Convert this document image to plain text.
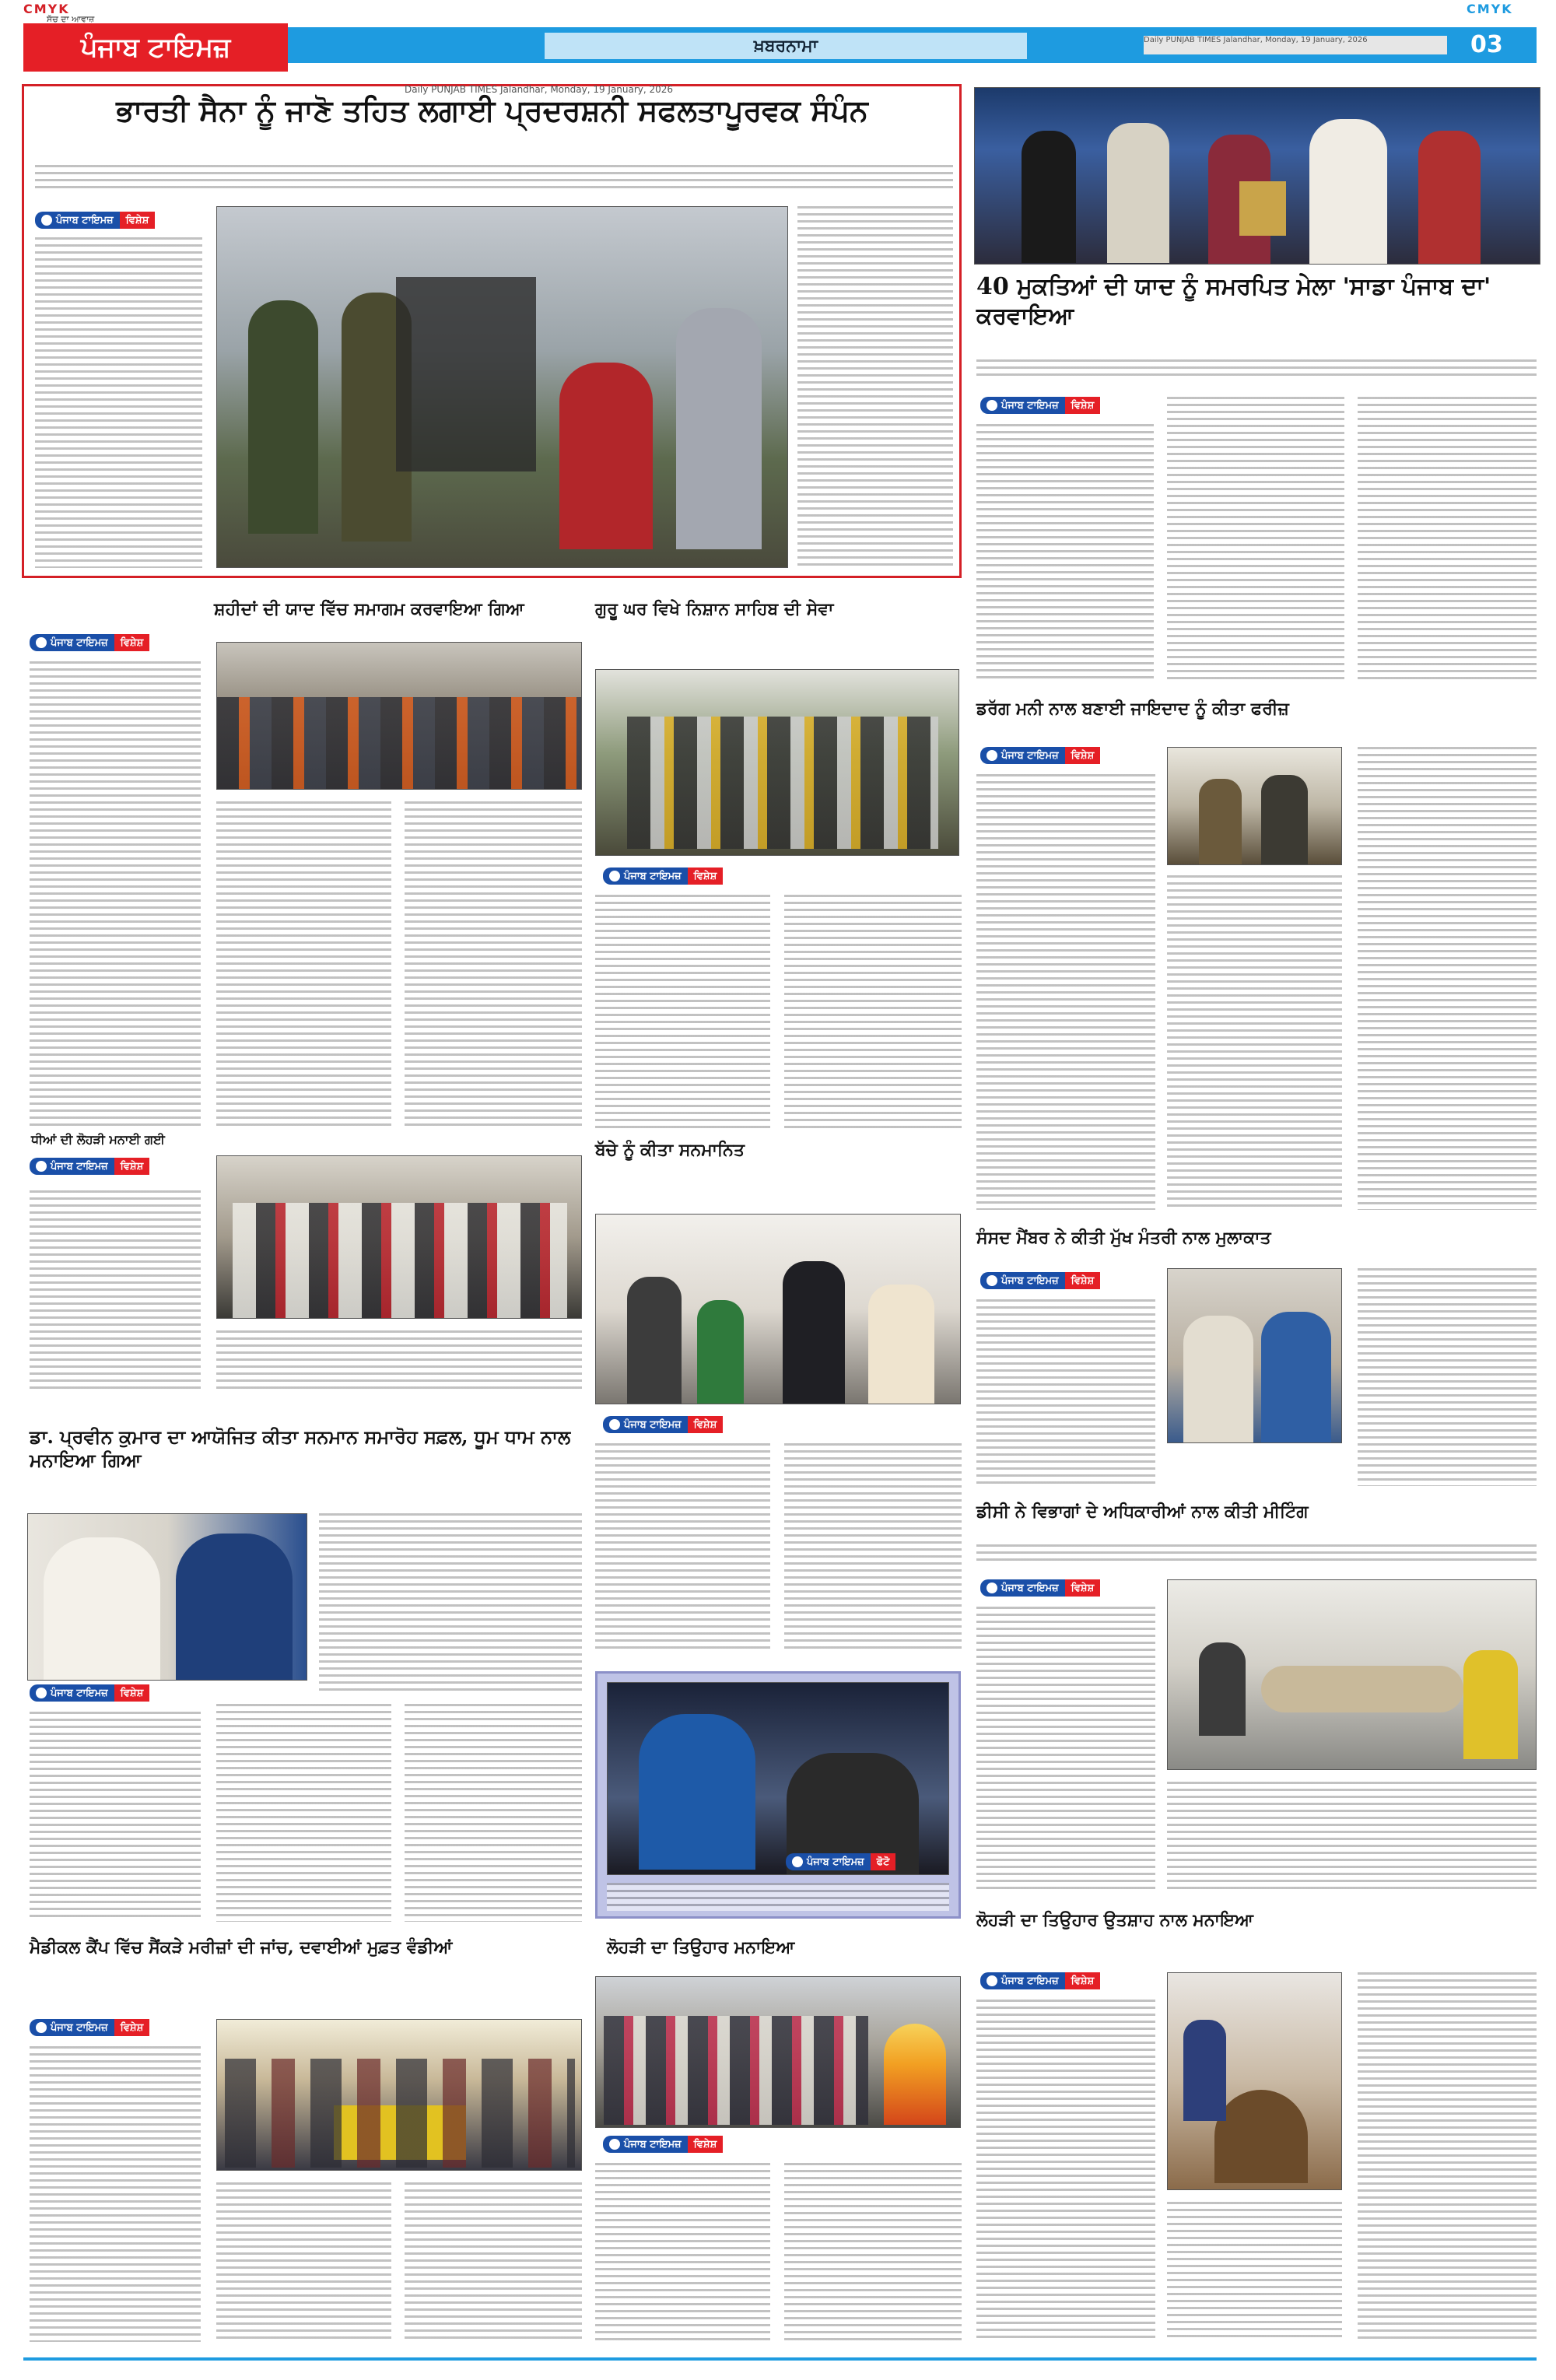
CMYK	CMYK
ਪੰਜਾਬ ਟਾਇਮਜ਼
ਸੱਚ ਦਾ ਆਵਾਜ਼
ਖ਼ਬਰਨਾਮਾ	Daily PUNJAB TIMES Jalandhar, Monday, 19 January, 2026	03
ਭਾਰਤੀ ਸੈਨਾ ਨੂੰ ਜਾਣੋ ਤਹਿਤ ਲਗਾਈ ਪ੍ਰਦਰਸ਼ਨੀ ਸਫਲਤਾਪੂਰਵਕ ਸੰਪੰਨ
Daily PUNJAB TIMES Jalandhar, Monday, 19 January, 2026
ਪੰਜਾਬ ਟਾਇਮਜ਼	ਵਿਸ਼ੇਸ਼
40 ਮੁਕਤਿਆਂ ਦੀ ਯਾਦ ਨੂੰ ਸਮਰਪਿਤ ਮੇਲਾ 'ਸਾਡਾ ਪੰਜਾਬ ਦਾ' ਕਰਵਾਇਆ
ਪੰਜਾਬ ਟਾਇਮਜ਼	ਵਿਸ਼ੇਸ਼
ਡਰੱਗ ਮਨੀ ਨਾਲ ਬਣਾਈ ਜਾਇਦਾਦ ਨੂੰ ਕੀਤਾ ਫਰੀਜ਼
ਪੰਜਾਬ ਟਾਇਮਜ਼	ਵਿਸ਼ੇਸ਼
ਸੰਸਦ ਮੈਂਬਰ ਨੇ ਕੀਤੀ ਮੁੱਖ ਮੰਤਰੀ ਨਾਲ ਮੁਲਾਕਾਤ
ਪੰਜਾਬ ਟਾਇਮਜ਼	ਵਿਸ਼ੇਸ਼
ਡੀਸੀ ਨੇ ਵਿਭਾਗਾਂ ਦੇ ਅਧਿਕਾਰੀਆਂ ਨਾਲ ਕੀਤੀ ਮੀਟਿੰਗ
ਪੰਜਾਬ ਟਾਇਮਜ਼	ਵਿਸ਼ੇਸ਼
ਲੋਹੜੀ ਦਾ ਤਿਉਹਾਰ ਉਤਸ਼ਾਹ ਨਾਲ ਮਨਾਇਆ
ਪੰਜਾਬ ਟਾਇਮਜ਼	ਵਿਸ਼ੇਸ਼
ਪੰਜਾਬ ਟਾਇਮਜ਼	ਵਿਸ਼ੇਸ਼
ਸ਼ਹੀਦਾਂ ਦੀ ਯਾਦ ਵਿੱਚ ਸਮਾਗਮ ਕਰਵਾਇਆ ਗਿਆ	ਗੁਰੂ ਘਰ ਵਿਖੇ ਨਿਸ਼ਾਨ ਸਾਹਿਬ ਦੀ ਸੇਵਾ
ਪੰਜਾਬ ਟਾਇਮਜ਼	ਵਿਸ਼ੇਸ਼
ਪੰਜਾਬ ਟਾਇਮਜ਼	ਵਿਸ਼ੇਸ਼
ਧੀਆਂ ਦੀ ਲੋਹੜੀ ਮਨਾਈ ਗਈ
ਬੱਚੇ ਨੂੰ ਕੀਤਾ ਸਨਮਾਨਿਤ
ਪੰਜਾਬ ਟਾਇਮਜ਼	ਵਿਸ਼ੇਸ਼
ਡਾ. ਪ੍ਰਵੀਨ ਕੁਮਾਰ ਦਾ ਆਯੋਜਿਤ ਕੀਤਾ ਸਨਮਾਨ ਸਮਾਰੋਹ ਸਫ਼ਲ, ਧੂਮ ਧਾਮ ਨਾਲ ਮਨਾਇਆ ਗਿਆ
ਪੰਜਾਬ ਟਾਇਮਜ਼	ਵਿਸ਼ੇਸ਼
ਪੰਜਾਬ ਟਾਇਮਜ਼	ਫੋਟੋ
ਮੈਡੀਕਲ ਕੈਂਪ ਵਿੱਚ ਸੈਂਕੜੇ ਮਰੀਜ਼ਾਂ ਦੀ ਜਾਂਚ, ਦਵਾਈਆਂ ਮੁਫ਼ਤ ਵੰਡੀਆਂ
ਪੰਜਾਬ ਟਾਇਮਜ਼	ਵਿਸ਼ੇਸ਼
ਲੋਹੜੀ ਦਾ ਤਿਉਹਾਰ ਮਨਾਇਆ
ਪੰਜਾਬ ਟਾਇਮਜ਼	ਵਿਸ਼ੇਸ਼
